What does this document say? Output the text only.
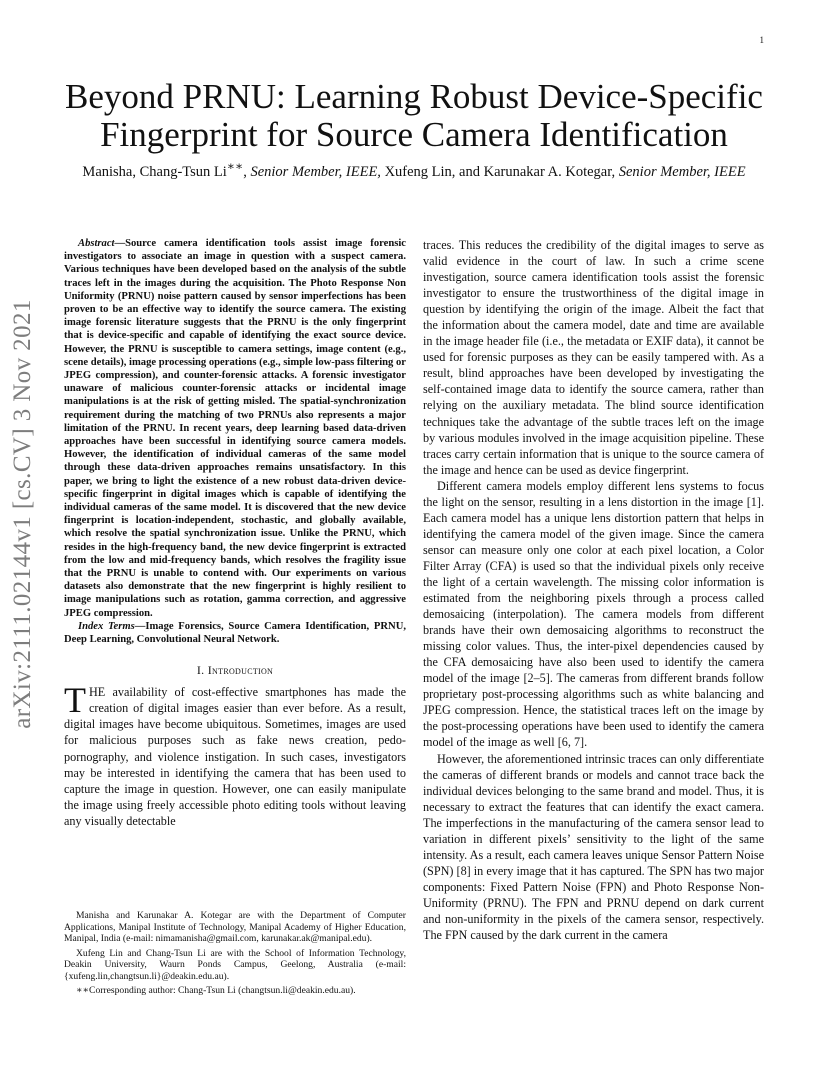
1
arXiv:2111.02144v1 [cs.CV] 3 Nov 2021
Beyond PRNU: Learning Robust Device-Specific Fingerprint for Source Camera Identification
Manisha, Chang-Tsun Li∗∗, Senior Member, IEEE, Xufeng Lin, and Karunakar A. Kotegar, Senior Member, IEEE

Abstract—Source camera identification tools assist image forensic investigators to associate an image in question with a suspect camera. Various techniques have been developed based on the analysis of the subtle traces left in the images during the acquisition. The Photo Response Non Uniformity (PRNU) noise pattern caused by sensor imperfections has been proven to be an effective way to identify the source camera. The existing image forensic literature suggests that the PRNU is the only fingerprint that is device-specific and capable of identifying the exact source device. However, the PRNU is susceptible to camera settings, image content (e.g., scene details), image processing operations (e.g., simple low-pass filtering or JPEG compression), and counter-forensic attacks. A forensic investigator unaware of malicious counter-forensic attacks or incidental image manipulations is at the risk of getting misled. The spatial-synchronization requirement during the matching of two PRNUs also represents a major limitation of the PRNU. In recent years, deep learning based data-driven approaches have been successful in identifying source camera models. However, the identification of individual cameras of the same model through these data-driven approaches remains unsatisfactory. In this paper, we bring to light the existence of a new robust data-driven device-specific fingerprint in digital images which is capable of identifying the individual cameras of the same model. It is discovered that the new device fingerprint is location-independent, stochastic, and globally available, which resolve the spatial synchronization issue. Unlike the PRNU, which resides in the high-frequency band, the new device fingerprint is extracted from the low and mid-frequency bands, which resolves the fragility issue that the PRNU is unable to contend with. Our experiments on various datasets also demonstrate that the new fingerprint is highly resilient to image manipulations such as rotation, gamma correction, and aggressive JPEG compression.

Index Terms—Image Forensics, Source Camera Identification, PRNU, Deep Learning, Convolutional Neural Network.

I. Introduction

THE availability of cost-effective smartphones has made the creation of digital images easier than ever before. As a result, digital images have become ubiquitous. Sometimes, images are used for malicious purposes such as fake news creation, pedo-pornography, and violence instigation. In such cases, investigators may be interested in identifying the camera that has been used to capture the image in question. However, one can easily manipulate the image using freely accessible photo editing tools without leaving any visually detectable

Manisha and Karunakar A. Kotegar are with the Department of Computer Applications, Manipal Institute of Technology, Manipal Academy of Higher Education, Manipal, India (e-mail: nimamanisha@gmail.com, karunakar.ak@manipal.edu).

Xufeng Lin and Chang-Tsun Li are with the School of Information Technology, Deakin University, Waurn Ponds Campus, Geelong, Australia (e-mail: {xufeng.lin,changtsun.li}@deakin.edu.au).

∗∗Corresponding author: Chang-Tsun Li (changtsun.li@deakin.edu.au).

traces. This reduces the credibility of the digital images to serve as valid evidence in the court of law. In such a crime scene investigation, source camera identification tools assist the forensic investigator to ensure the trustworthiness of the digital image in question by identifying the origin of the image. Albeit the fact that the information about the camera model, date and time are available in the image header file (i.e., the metadata or EXIF data), it cannot be used for forensic purposes as they can be easily tampered with. As a result, blind approaches have been developed by investigating the self-contained image data to identify the source camera, rather than relying on the auxiliary metadata. The blind source identification techniques take the advantage of the subtle traces left on the image by various modules involved in the image acquisition pipeline. These traces carry certain information that is unique to the source camera of the image and hence can be used as device fingerprint.

Different camera models employ different lens systems to focus the light on the sensor, resulting in a lens distortion in the image [1]. Each camera model has a unique lens distortion pattern that helps in identifying the camera model of the given image. Since the camera sensor can measure only one color at each pixel location, a Color Filter Array (CFA) is used so that the individual pixels only receive the light of a certain wavelength. The missing color information is estimated from the neighboring pixels through a process called demosaicing (interpolation). The camera models from different brands have their own demosaicing algorithms to reconstruct the missing color values. Thus, the inter-pixel dependencies caused by the CFA demosaicing have also been used to identify the camera model of the image [2–5]. The cameras from different brands follow proprietary post-processing algorithms such as white balancing and JPEG compression. Hence, the statistical traces left on the image by the post-processing operations have been used to identify the camera model of the image as well [6, 7].

However, the aforementioned intrinsic traces can only differentiate the cameras of different brands or models and cannot trace back the individual devices belonging to the same brand and model. Thus, it is necessary to extract the features that can identify the exact camera. The imperfections in the manufacturing of the camera sensor lead to variation in different pixels’ sensitivity to the light of the same intensity. As a result, each camera leaves unique Sensor Pattern Noise (SPN) [8] in every image that it has captured. The SPN has two major components: Fixed Pattern Noise (FPN) and Photo Response Non-Uniformity (PRNU). The FPN and PRNU depend on dark current and non-uniformity in the pixels of the camera sensor, respectively. The FPN caused by the dark current in the camera
